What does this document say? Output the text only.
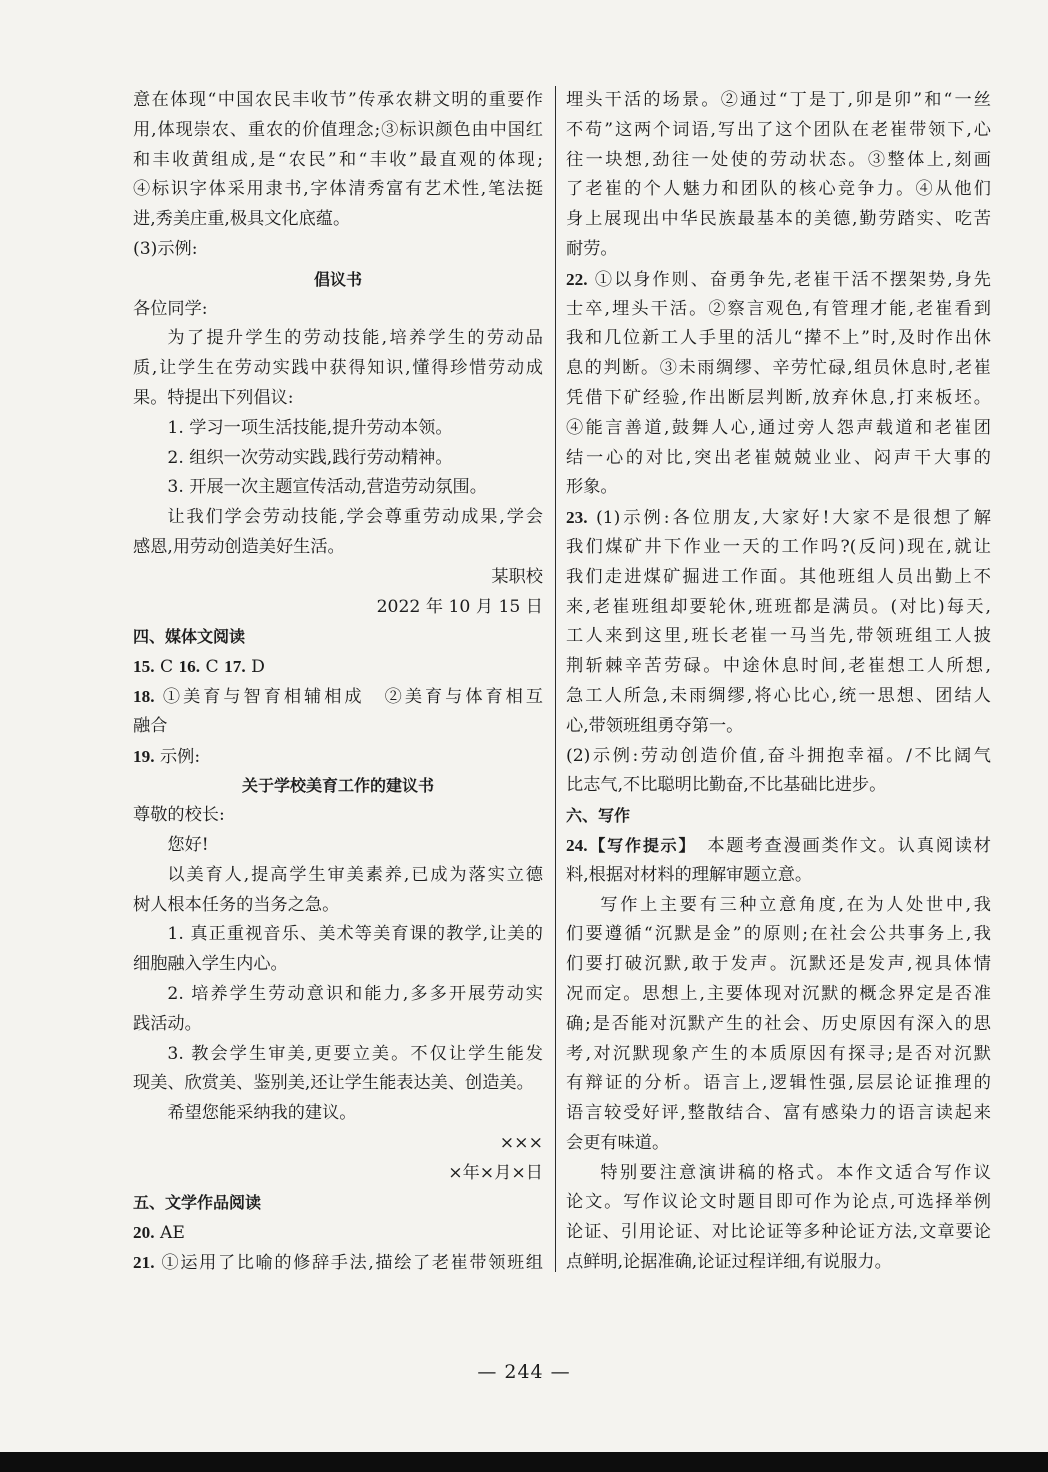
意在体现“中国农民丰收节”传承农耕文明的重要作
用,体现崇农、重农的价值理念;③标识颜色由中国红
和丰收黄组成,是“农民”和“丰收”最直观的体现;
④标识字体采用隶书,字体清秀富有艺术性,笔法挺
进,秀美庄重,极具文化底蕴。
(3)示例:
倡议书
各位同学:
为了提升学生的劳动技能,培养学生的劳动品
质,让学生在劳动实践中获得知识,懂得珍惜劳动成
果。特提出下列倡议:
1. 学习一项生活技能,提升劳动本领。
2. 组织一次劳动实践,践行劳动精神。
3. 开展一次主题宣传活动,营造劳动氛围。
让我们学会劳动技能,学会尊重劳动成果,学会
感恩,用劳动创造美好生活。
某职校
2022 年 10 月 15 日
四、媒体文阅读
15. C 16. C 17. D
18. ①美育与智育相辅相成　②美育与体育相互
融合
19. 示例:
关于学校美育工作的建议书
尊敬的校长:
您好!
以美育人,提高学生审美素养,已成为落实立德
树人根本任务的当务之急。
1. 真正重视音乐、美术等美育课的教学,让美的
细胞融入学生内心。
2. 培养学生劳动意识和能力,多多开展劳动实
践活动。
3. 教会学生审美,更要立美。不仅让学生能发
现美、欣赏美、鉴别美,还让学生能表达美、创造美。
希望您能采纳我的建议。
×××
×年×月×日
五、文学作品阅读
20. AE
21. ①运用了比喻的修辞手法,描绘了老崔带领班组
埋头干活的场景。②通过“丁是丁,卯是卯”和“一丝
不苟”这两个词语,写出了这个团队在老崔带领下,心
往一块想,劲往一处使的劳动状态。③整体上,刻画
了老崔的个人魅力和团队的核心竞争力。④从他们
身上展现出中华民族最基本的美德,勤劳踏实、吃苦
耐劳。
22. ①以身作则、奋勇争先,老崔干活不摆架势,身先
士卒,埋头干活。②察言观色,有管理才能,老崔看到
我和几位新工人手里的活儿“撵不上”时,及时作出休
息的判断。③未雨绸缪、辛劳忙碌,组员休息时,老崔
凭借下矿经验,作出断层判断,放弃休息,打来板坯。
④能言善道,鼓舞人心,通过旁人怨声载道和老崔团
结一心的对比,突出老崔兢兢业业、闷声干大事的
形象。
23. (1)示例:各位朋友,大家好!大家不是很想了解
我们煤矿井下作业一天的工作吗?(反问)现在,就让
我们走进煤矿掘进工作面。其他班组人员出勤上不
来,老崔班组却要轮休,班班都是满员。(对比)每天,
工人来到这里,班长老崔一马当先,带领班组工人披
荆斩棘辛苦劳碌。中途休息时间,老崔想工人所想,
急工人所急,未雨绸缪,将心比心,统一思想、团结人
心,带领班组勇夺第一。
(2)示例:劳动创造价值,奋斗拥抱幸福。/不比阔气
比志气,不比聪明比勤奋,不比基础比进步。
六、写作
24.【写作提示】　本题考查漫画类作文。认真阅读材
料,根据对材料的理解审题立意。
写作上主要有三种立意角度,在为人处世中,我
们要遵循“沉默是金”的原则;在社会公共事务上,我
们要打破沉默,敢于发声。沉默还是发声,视具体情
况而定。思想上,主要体现对沉默的概念界定是否准
确;是否能对沉默产生的社会、历史原因有深入的思
考,对沉默现象产生的本质原因有探寻;是否对沉默
有辩证的分析。语言上,逻辑性强,层层论证推理的
语言较受好评,整散结合、富有感染力的语言读起来
会更有味道。
特别要注意演讲稿的格式。本作文适合写作议
论文。写作议论文时题目即可作为论点,可选择举例
论证、引用论证、对比论证等多种论证方法,文章要论
点鲜明,论据准确,论证过程详细,有说服力。
— 244 —
